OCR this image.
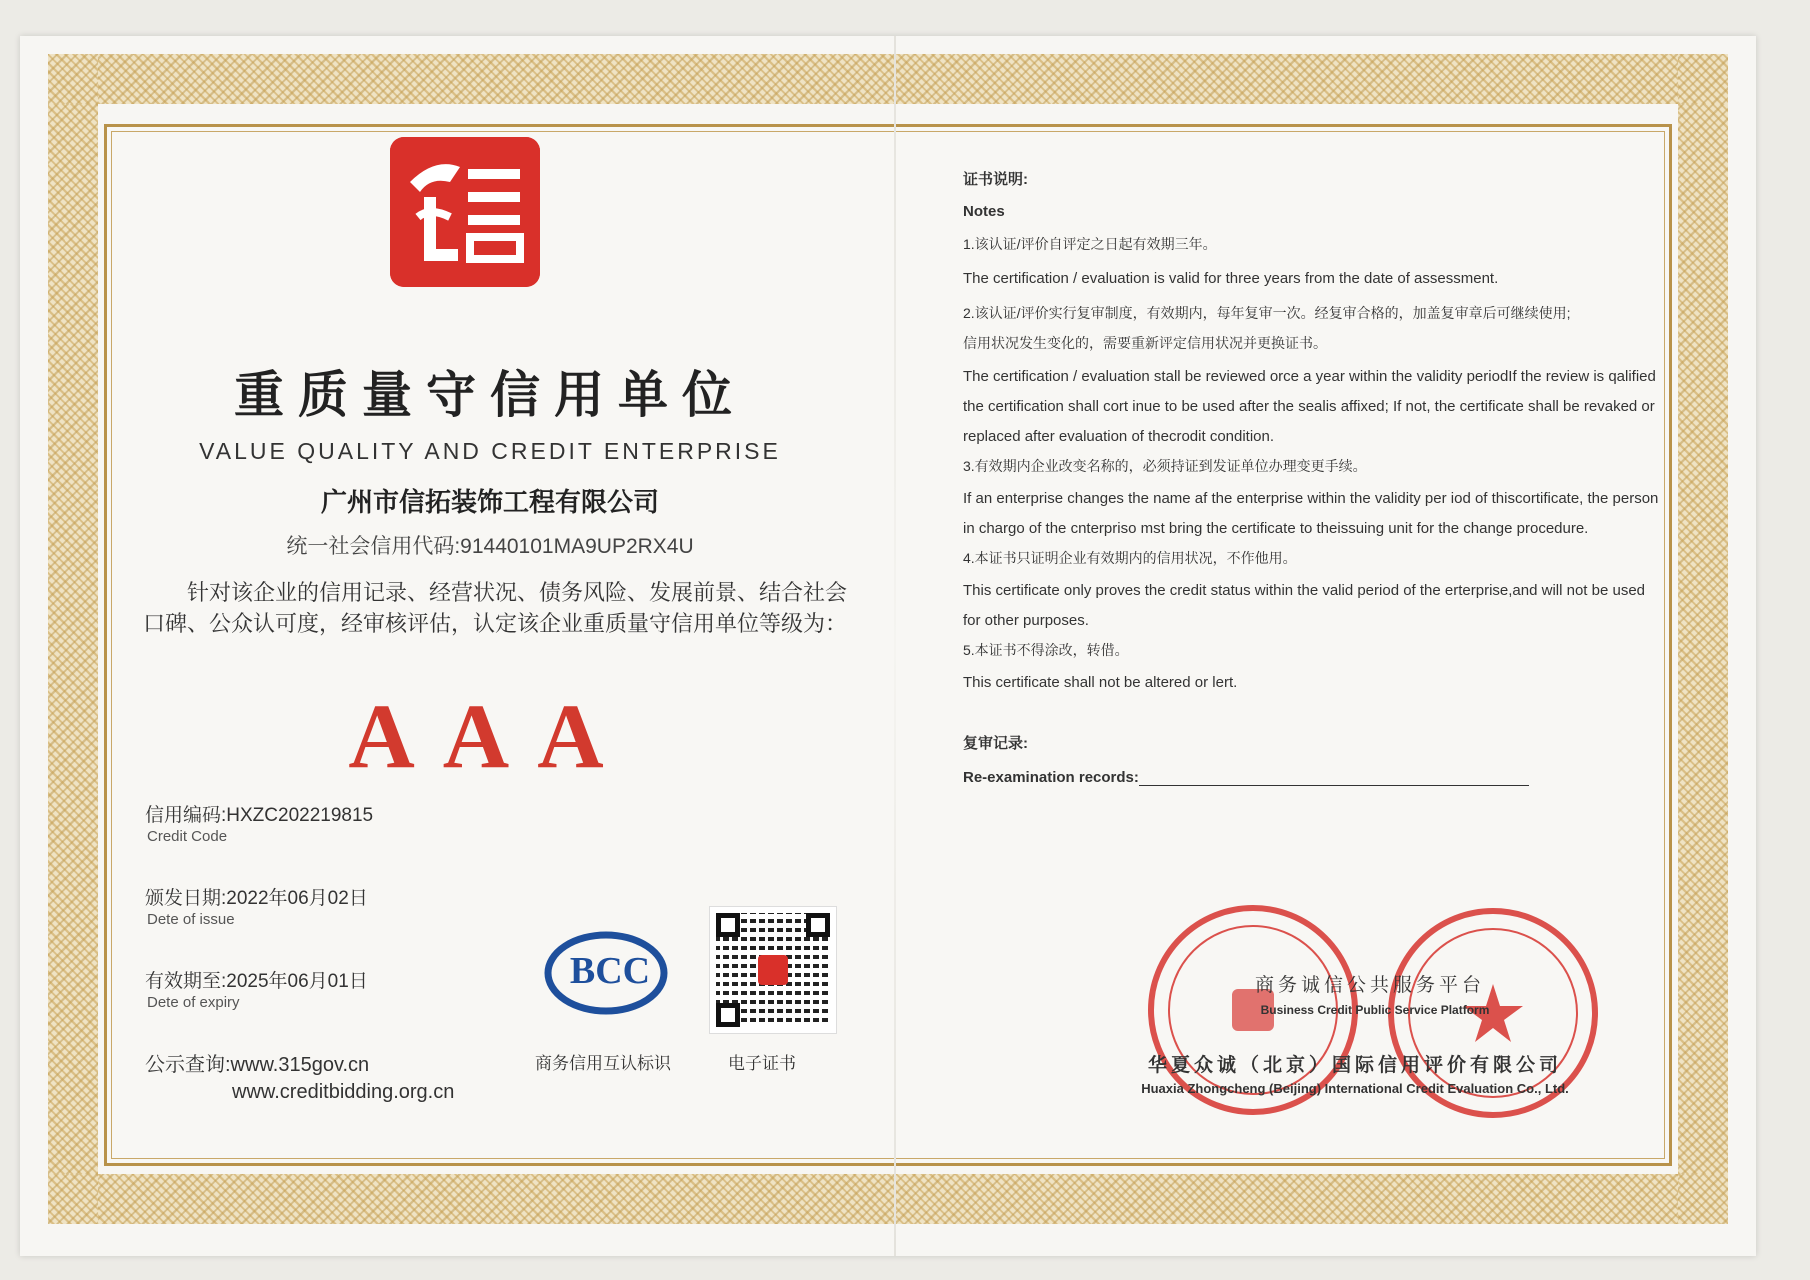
重质量守信用单位
VALUE QUALITY AND CREDIT ENTERPRISE
广州市信拓装饰工程有限公司
统一社会信用代码:91440101MA9UP2RX4U
针对该企业的信用记录、经营状况、债务风险、发展前景、结合社会口碑、公众认可度，经审核评估，认定该企业重质量守信用单位等级为：
AAA
信用编码:HXZC202219815
Credit Code
颁发日期:2022年06月02日
Dete of issue
有效期至:2025年06月01日
Dete of expiry
公示查询:www.315gov.cn
www.creditbidding.org.cn
BCC
商务信用互认标识	电子证书
证书说明:
Notes
1.该认证/评价自评定之日起有效期三年。
The certification / evaluation is valid for three years from the date of assessment.
2.该认证/评价实行复审制度，有效期内，每年复审一次。经复审合格的，加盖复审章后可继续使用;
信用状况发生变化的，需要重新评定信用状况并更换证书。
The certification / evaluation stall be reviewed orce a year within the validity periodIf the review is qalified the certification shall cort inue to be used after the sealis affixed; If not, the certificate shall be revaked or replaced after evaluation of thecrodit condition.
3.有效期内企业改变名称的，必须持证到发证单位办理变更手续。
If an enterprise changes the name af the enterprise within the validity per iod of thiscortificate, the person in chargo of the cnterpriso mst bring the certificate to theissuing unit for the change procedure.
4.本证书只证明企业有效期内的信用状况，不作他用。
This certificate only proves the credit status within the valid period of the erterprise,and will not be used for other purposes.
5.本证书不得涂改，转借。
This certificate shall not be altered or lert.
复审记录:
Re-examination records:
商务诚信公共服务平台
Business Credit Public Service Platform
华夏众诚（北京）国际信用评价有限公司
Huaxia Zhongcheng (Beijing) International Credit Evaluation Co., Ltd.
